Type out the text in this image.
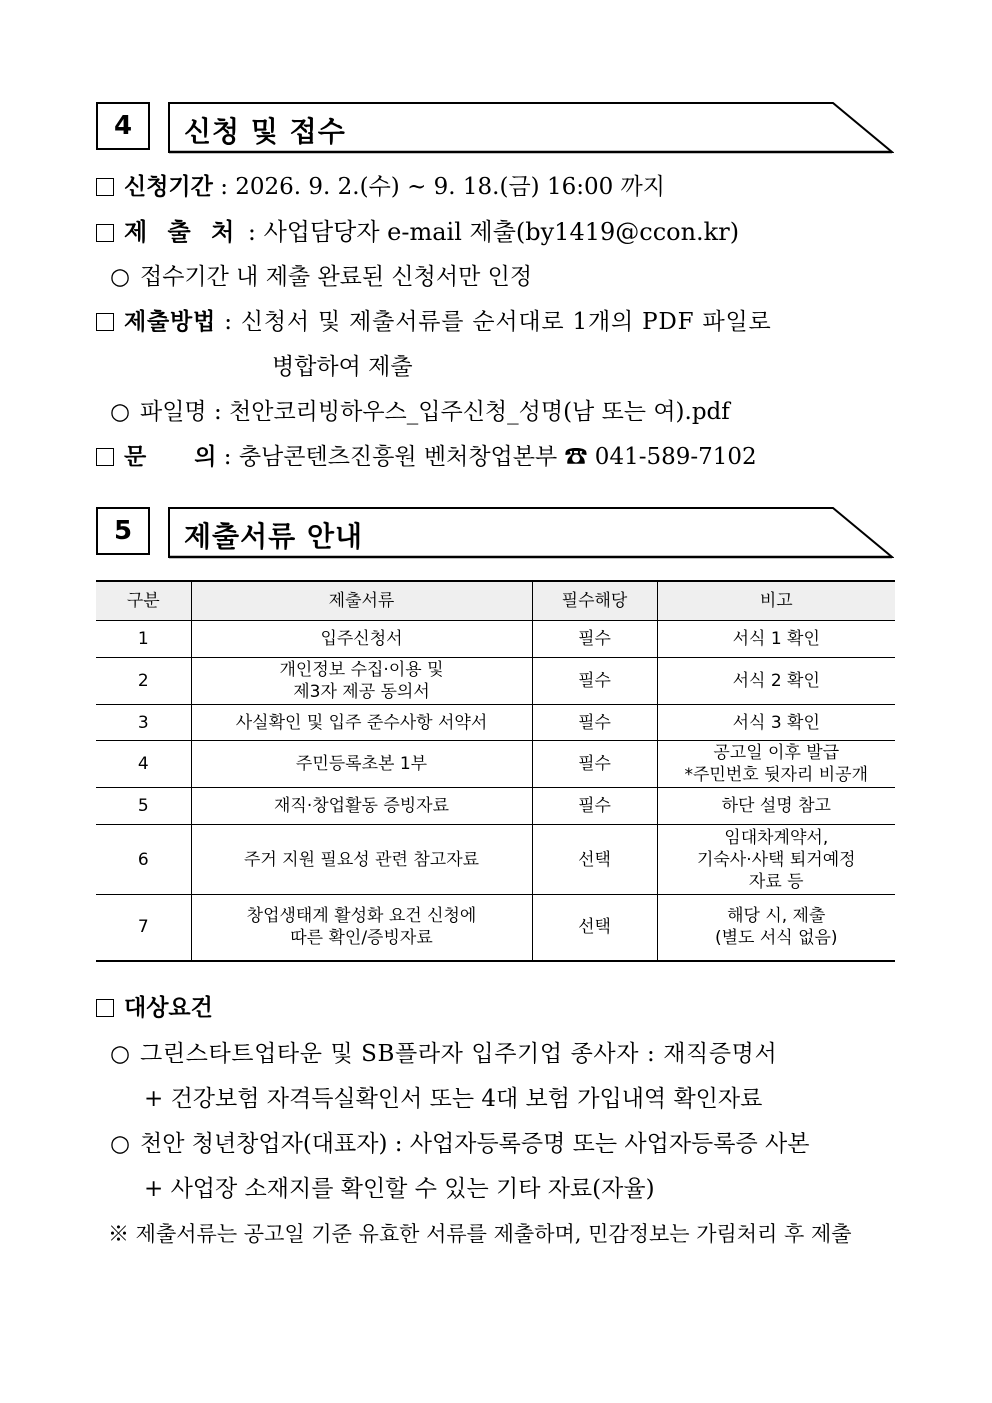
4	신청 및 접수
신청기간 : 2026. 9. 2.(수) ~ 9. 18.(금) 16:00 까지
제 출 처 : 사업담당자 e-mail 제출(by1419@ccon.kr)
○ 접수기간 내 제출 완료된 신청서만 인정
제출방법 : 신청서 및 제출서류를 순서대로 1개의 PDF 파일로
병합하여 제출
○ 파일명 : 천안코리빙하우스_입주신청_성명(남 또는 여).pdf
문 의 : 충남콘텐츠진흥원 벤처창업본부 ☎ 041-589-7102
5	제출서류 안내
구분	제출서류	필수해당	비고
1	입주신청서	필수	서식 1 확인
2	개인정보 수집·이용 및
제3자 제공 동의서	필수	서식 2 확인
3	사실확인 및 입주 준수사항 서약서	필수	서식 3 확인
4	주민등록초본 1부	필수	공고일 이후 발급
*주민번호 뒷자리 비공개
5	재직·창업활동 증빙자료	필수	하단 설명 참고
6	주거 지원 필요성 관련 참고자료	선택	임대차계약서,
기숙사·사택 퇴거예정
자료 등
7	창업생태계 활성화 요건 신청에
따른 확인/증빙자료	선택	해당 시, 제출
(별도 서식 없음)
대상요건
○ 그린스타트업타운 및 SB플라자 입주기업 종사자 : 재직증명서
+ 건강보험 자격득실확인서 또는 4대 보험 가입내역 확인자료
○ 천안 청년창업자(대표자) : 사업자등록증명 또는 사업자등록증 사본
+ 사업장 소재지를 확인할 수 있는 기타 자료(자율)
※ 제출서류는 공고일 기준 유효한 서류를 제출하며, 민감정보는 가림처리 후 제출
